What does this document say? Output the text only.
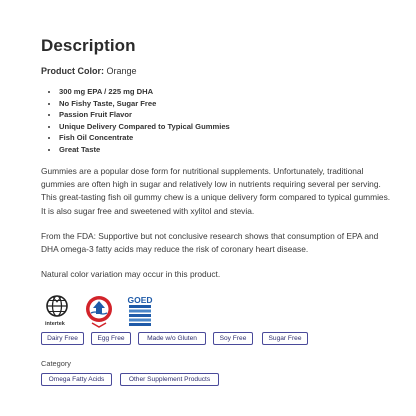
Description
Product Color: Orange
• 300 mg EPA / 225 mg DHA
• No Fishy Taste, Sugar Free
• Passion Fruit Flavor
• Unique Delivery Compared to Typical Gummies
• Fish Oil Concentrate
• Great Taste

Gummies are a popular dose form for nutritional supplements. Unfortunately, traditional gummies are often high in sugar and relatively low in nutrients requiring several per serving. This great-tasting fish oil gummy chew is a unique delivery form compared to typical gummies. It is also sugar free and sweetened with xylitol and stevia.

From the FDA: Supportive but not conclusive research shows that consumption of EPA and DHA omega-3 fatty acids may reduce the risk of coronary heart disease.

Natural color variation may occur in this product.

intertek
GOED
Dairy Free	Egg Free	Made w/o Gluten	Soy Free	Sugar Free
Category
Omega Fatty Acids	Other Supplement Products
